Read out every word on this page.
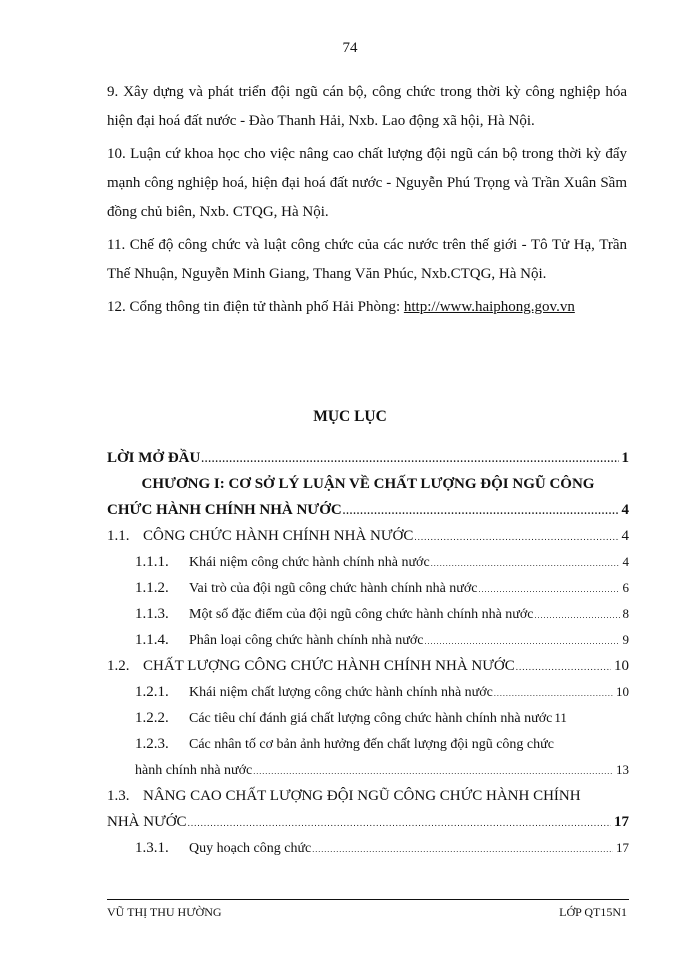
74
9. Xây dựng và phát triển đội ngũ cán bộ, công chức trong thời kỳ công nghiệp hóa hiện đại hoá đất nước - Đào Thanh Hải, Nxb. Lao động xã hội, Hà Nội.
10. Luận cứ khoa học cho việc nâng cao chất lượng đội ngũ cán bộ trong thời kỳ đẩy mạnh công nghiệp hoá, hiện đại hoá đất nước - Nguyễn Phú Trọng và Trần Xuân Sầm đồng chủ biên, Nxb. CTQG, Hà Nội.
11. Chế độ công chức và luật công chức của các nước trên thế giới - Tô Tử Hạ, Trần Thế Nhuận, Nguyễn Minh Giang, Thang Văn Phúc, Nxb.CTQG, Hà Nội.
12. Cổng thông tin điện tử thành phố Hải Phòng: http://www.haiphong.gov.vn
MỤC LỤC
LỜI MỞ ĐẦU .....	1
CHƯƠNG I: CƠ SỞ LÝ LUẬN VỀ CHẤT LƯỢNG ĐỘI NGŨ CÔNG
CHỨC HÀNH CHÍNH NHÀ NƯỚC .....	4
1.1. CÔNG CHỨC HÀNH CHÍNH NHÀ NƯỚC .....	4
1.1.1.	Khái niệm công chức hành chính nhà nước .....	4
1.1.2.	Vai trò của đội ngũ công chức hành chính nhà nước .....	6
1.1.3.	Một số đặc điểm của đội ngũ công chức hành chính nhà nước .....	8
1.1.4.	Phân loại công chức hành chính nhà nước .....	9
1.2. CHẤT LƯỢNG CÔNG CHỨC HÀNH CHÍNH NHÀ NƯỚC .....	10
1.2.1.	Khái niệm chất lượng công chức hành chính nhà nước .....	10
1.2.2.	Các tiêu chí đánh giá chất lượng công chức hành chính nhà nước 11
1.2.3.	Các nhân tố cơ bản ảnh hưởng đến chất lượng đội ngũ công chức
hành chính nhà nước .....	13
1.3. NÂNG CAO CHẤT LƯỢNG ĐỘI NGŨ CÔNG CHỨC HÀNH CHÍNH
NHÀ NƯỚC .....	17
1.3.1.	Quy hoạch công chức .....	17
VŨ THỊ THU HƯỜNG	LỚP QT15N1
